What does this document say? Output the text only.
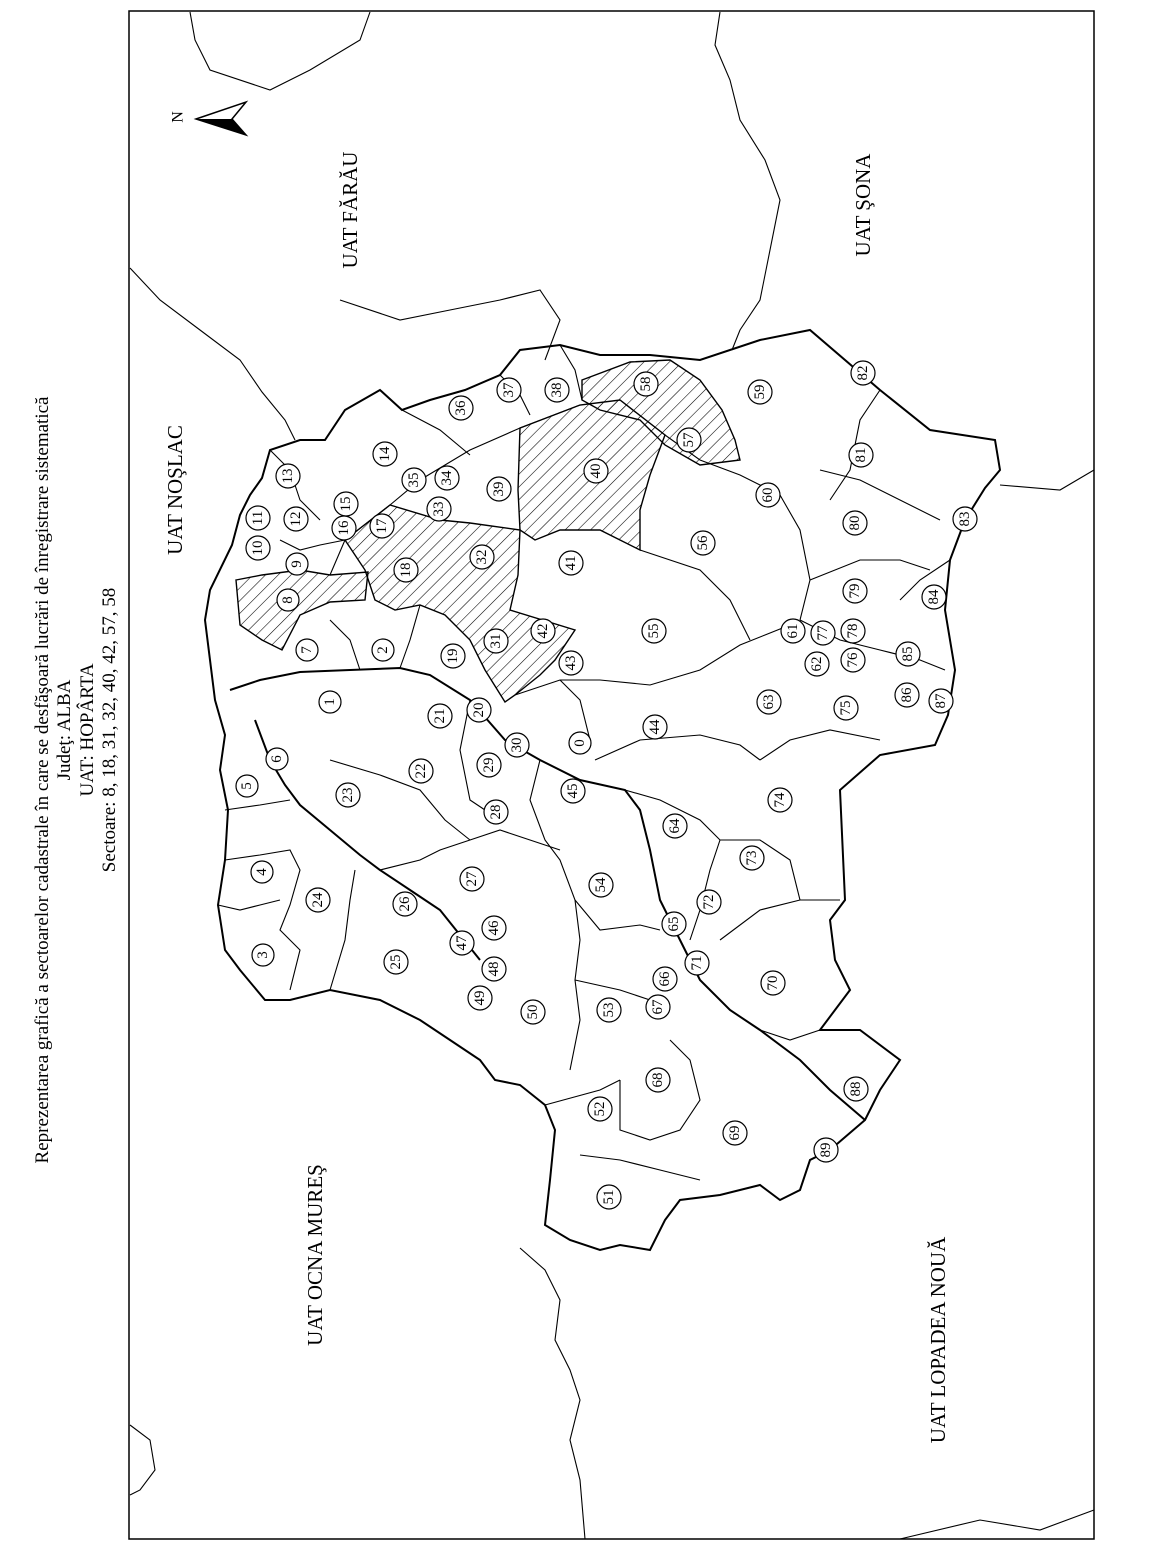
Reprezentarea grafică a sectoarelor cadastrale în care se desfăşoară lucrări de înregistrare sistematică Judeţ: ALBA UAT: HOPÂRTA Sectoare: 8, 18, 31, 32, 40, 42, 57, 58
N
UAT FĂRĂU	UAT ŞONA
UAT NOŞLAC
UAT OCNA MUREŞ	UAT LOPADEA NOUĂ
0
1
2
3
4
5
6
7
8
9
10
11 12
13
14
15
16 17
18
19
20
21
22
23
24
25
26
27
28
29
30
31
32
33
34
35
36
37 38
39
40
41
42
43
44
45
46
47
48
49
50
51
52
53
54
55
56
57
58
59
60
61
62
63
64
65
66
67
68
69
70
71
72
73
74
75
76
77 78
79
80
81
82
83
84
85
86 87
88
89
